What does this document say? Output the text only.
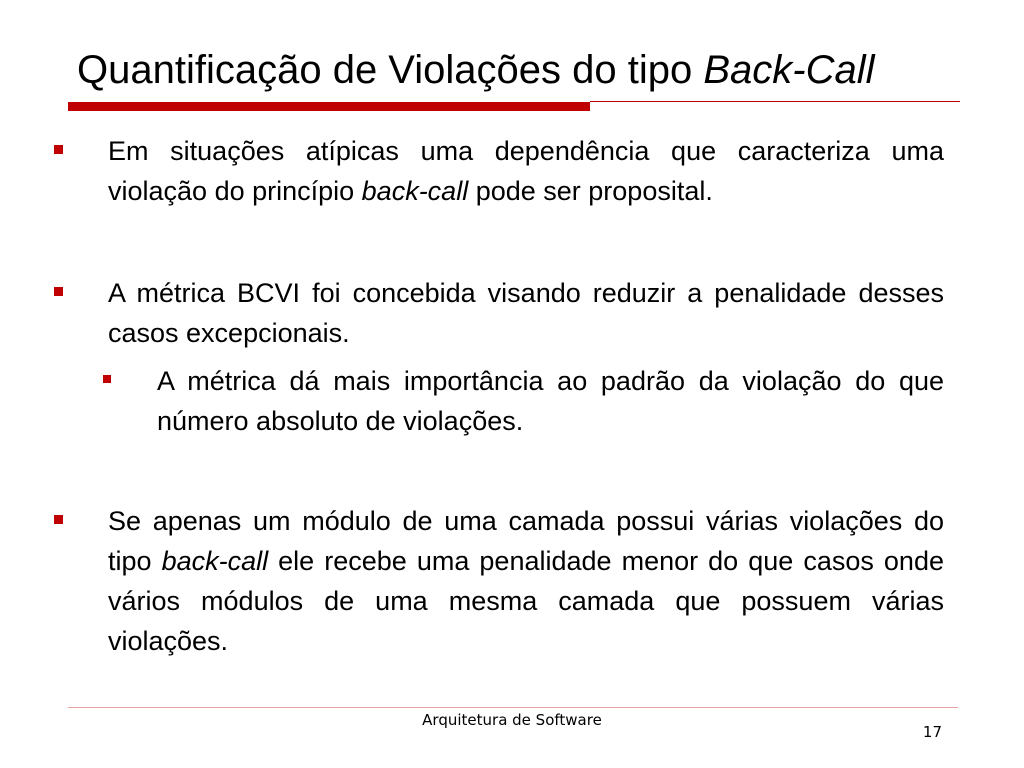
Quantificação de Violações do tipo Back-Call

Em situações atípicas uma dependência que caracteriza uma violação do princípio back-call pode ser proposital.

A métrica BCVI foi concebida visando reduzir a penalidade desses casos excepcionais.

A métrica dá mais importância ao padrão da violação do que número absoluto de violações.

Se apenas um módulo de uma camada possui várias violações do tipo back-call ele recebe uma penalidade menor do que casos onde vários módulos de uma mesma camada que possuem várias violações.

Arquitetura de Software
17
